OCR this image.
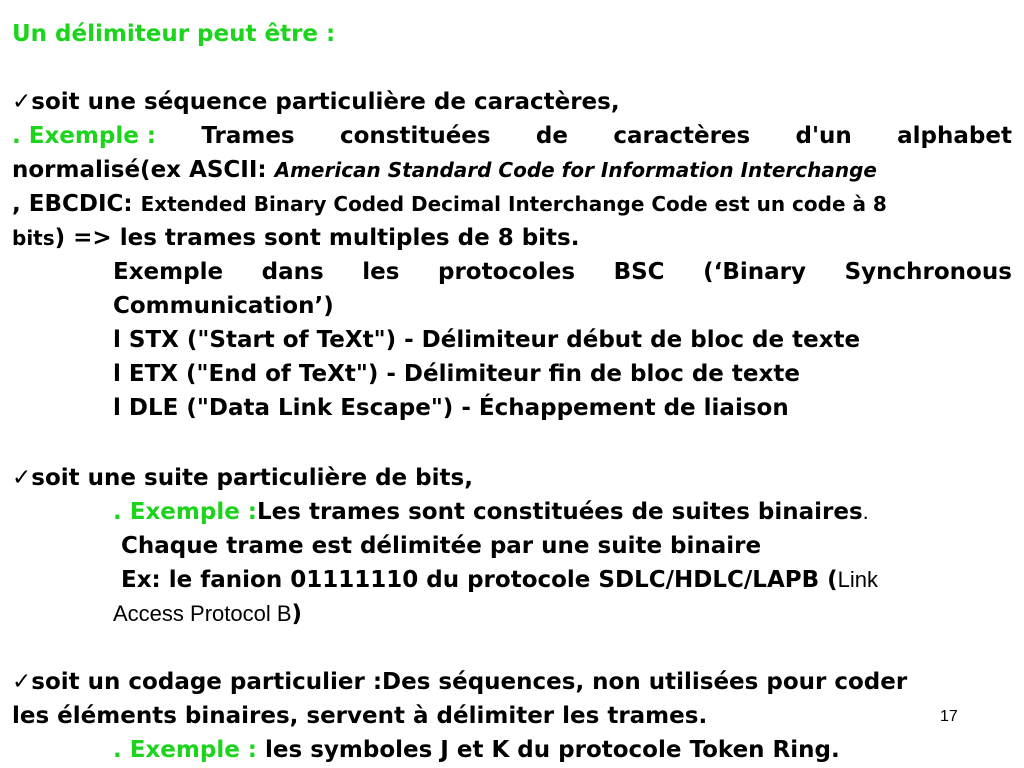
Un délimiteur peut être :
✓soit une séquence particulière de caractères,
. Exemple : Trames constituées de caractères d'un alphabet
normalisé(ex ASCII: American Standard Code for Information Interchange
, EBCDIC: Extended Binary Coded Decimal Interchange Code est un code à 8
bits) => les trames sont multiples de 8 bits.
Exemple dans les protocoles BSC (‘Binary Synchronous
Communication’)
l STX ("Start of TeXt") - Délimiteur début de bloc de texte
l ETX ("End of TeXt") - Délimiteur fin de bloc de texte
l DLE ("Data Link Escape") - Échappement de liaison
✓soit une suite particulière de bits,
. Exemple :Les trames sont constituées de suites binaires.
Chaque trame est délimitée par une suite binaire
Ex: le fanion 01111110 du protocole SDLC/HDLC/LAPB (Link
Access Protocol B)
✓soit un codage particulier :Des séquences, non utilisées pour coder
les éléments binaires, servent à délimiter les trames.
. Exemple : les symboles J et K du protocole Token Ring.
17
